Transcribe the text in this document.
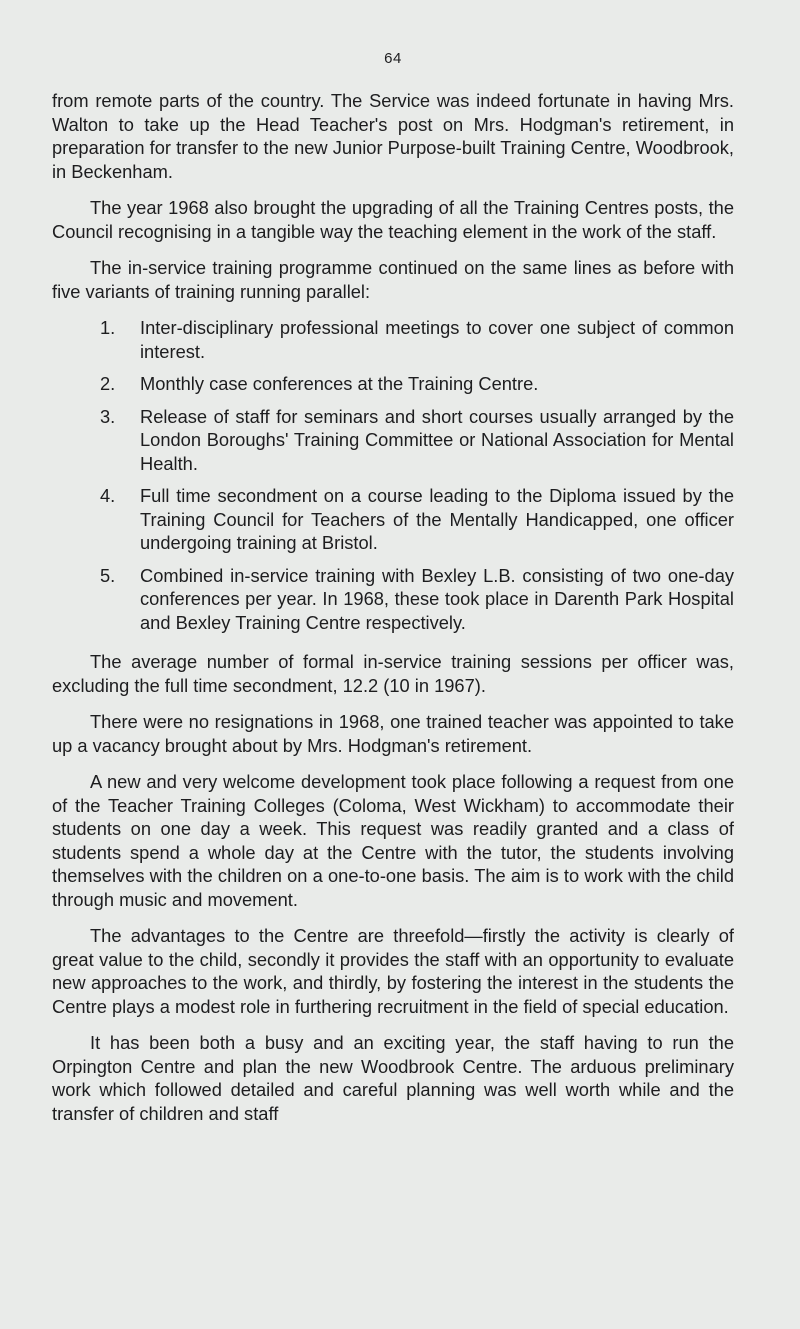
64

from remote parts of the country. The Service was indeed fortunate in having Mrs. Walton to take up the Head Teacher's post on Mrs. Hodgman's retirement, in preparation for transfer to the new Junior Purpose-built Training Centre, Woodbrook, in Beckenham.

The year 1968 also brought the upgrading of all the Training Centres posts, the Council recognising in a tangible way the teaching element in the work of the staff.

The in-service training programme continued on the same lines as before with five variants of training running parallel:

1.	Inter-disciplinary professional meetings to cover one subject of common interest.
2.	Monthly case conferences at the Training Centre.
3.	Release of staff for seminars and short courses usually arranged by the London Boroughs' Training Committee or National Association for Mental Health.
4.	Full time secondment on a course leading to the Diploma issued by the Training Council for Teachers of the Mentally Handicapped, one officer undergoing training at Bristol.
5.	Combined in-service training with Bexley L.B. consisting of two one-day conferences per year. In 1968, these took place in Darenth Park Hospital and Bexley Training Centre respectively.

The average number of formal in-service training sessions per officer was, excluding the full time secondment, 12.2 (10 in 1967).

There were no resignations in 1968, one trained teacher was appointed to take up a vacancy brought about by Mrs. Hodgman's retirement.

A new and very welcome development took place following a request from one of the Teacher Training Colleges (Coloma, West Wickham) to accommodate their students on one day a week. This request was readily granted and a class of students spend a whole day at the Centre with the tutor, the students involving themselves with the children on a one-to-one basis. The aim is to work with the child through music and movement.

The advantages to the Centre are threefold—firstly the activity is clearly of great value to the child, secondly it provides the staff with an opportunity to evaluate new approaches to the work, and thirdly, by fostering the interest in the students the Centre plays a modest role in furthering recruitment in the field of special education.

It has been both a busy and an exciting year, the staff having to run the Orpington Centre and plan the new Woodbrook Centre. The arduous preliminary work which followed detailed and careful planning was well worth while and the transfer of children and staff
